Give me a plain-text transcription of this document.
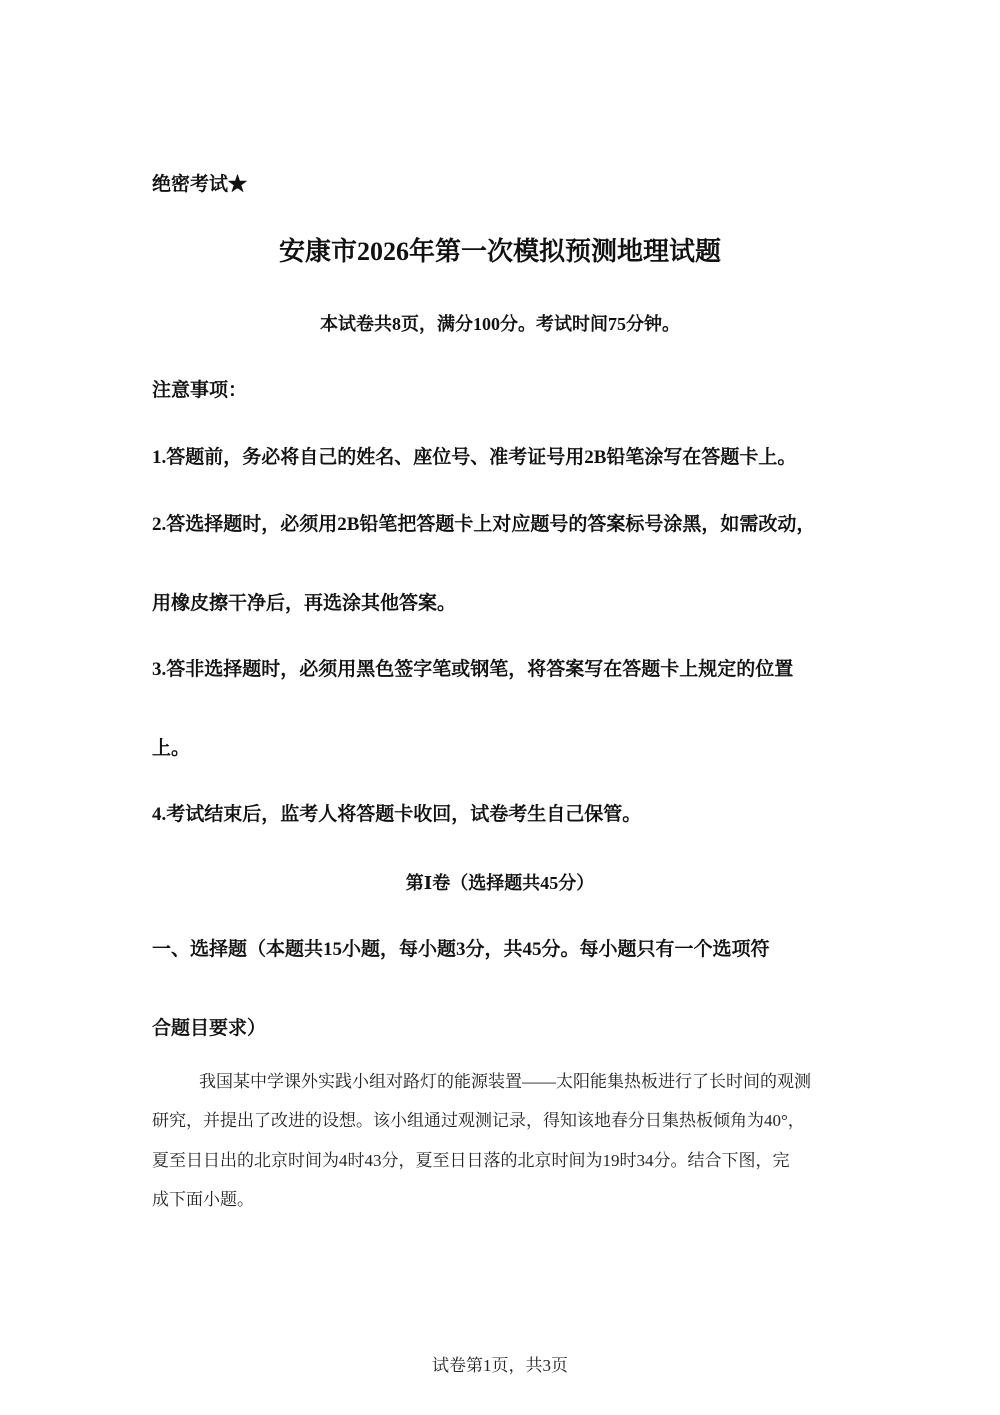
绝密考试★
安康市2026年第一次模拟预测地理试题
本试卷共8页，满分100分。考试时间75分钟。
注意事项：
1.答题前，务必将自己的姓名、座位号、准考证号用2B铅笔涂写在答题卡上。
2.答选择题时，必须用2B铅笔把答题卡上对应题号的答案标号涂黑，如需改动，
用橡皮擦干净后，再选涂其他答案。
3.答非选择题时，必须用黑色签字笔或钢笔，将答案写在答题卡上规定的位置
上。
4.考试结束后，监考人将答题卡收回，试卷考生自己保管。
第Ⅰ卷（选择题共45分）
一、选择题（本题共15小题，每小题3分，共45分。每小题只有一个选项符
合题目要求）
我国某中学课外实践小组对路灯的能源装置——太阳能集热板进行了长时间的观测
研究，并提出了改进的设想。该小组通过观测记录，得知该地春分日集热板倾角为40°，
夏至日日出的北京时间为4时43分，夏至日日落的北京时间为19时34分。结合下图，完
成下面小题。
试卷第1页，共3页
